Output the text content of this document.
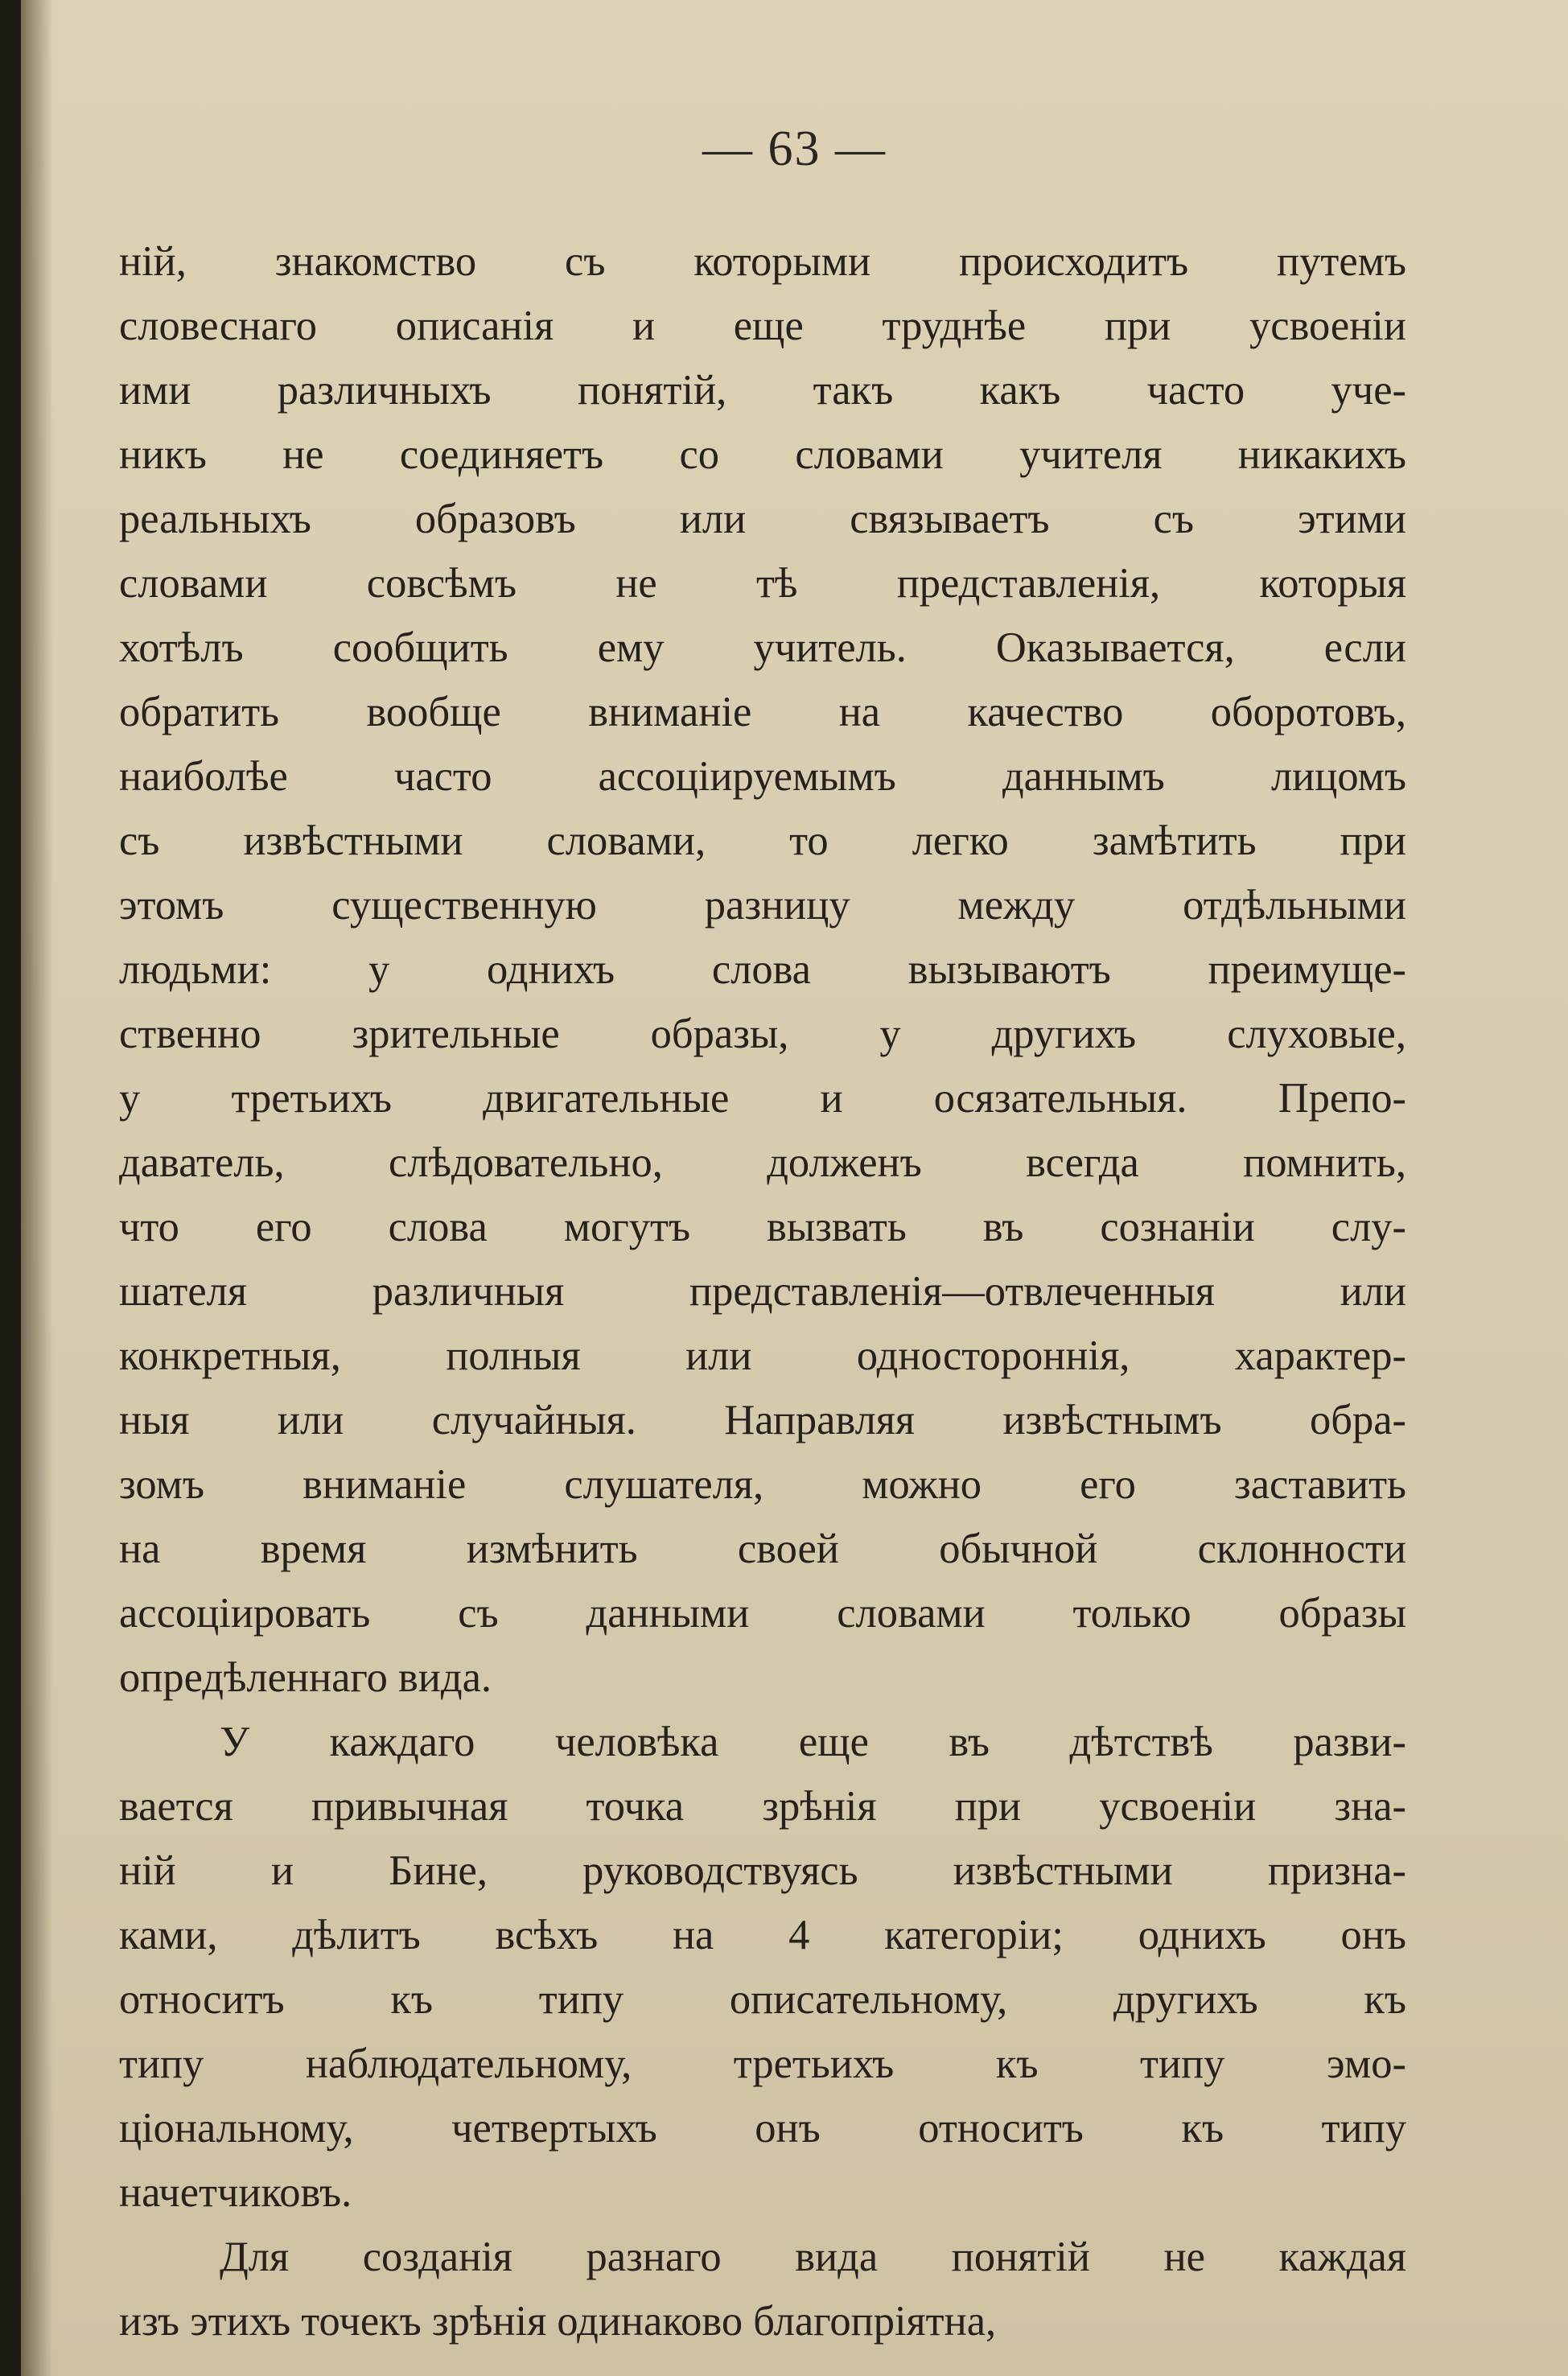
— 63 —
ній, знакомство съ которыми происходитъ путемъ
словеснаго описанія и еще труднѣе при усвоеніи
ими различныхъ понятій, такъ какъ часто уче-
никъ не соединяетъ со словами учителя никакихъ
реальныхъ образовъ или связываетъ съ этими
словами совсѣмъ не тѣ представленія, которыя
хотѣлъ сообщить ему учитель. Оказывается, если
обратить вообще вниманіе на качество оборотовъ,
наиболѣе часто ассоціируемымъ даннымъ лицомъ
съ извѣстными словами, то легко замѣтить при
этомъ существенную разницу между отдѣльными
людьми: у однихъ слова вызываютъ преимуще-
ственно зрительные образы, у другихъ слуховые,
у третьихъ двигательные и осязательныя. Препо-
даватель, слѣдовательно, долженъ всегда помнить,
что его слова могутъ вызвать въ сознаніи слу-
шателя различныя представленія—отвлеченныя или
конкретныя, полныя или одностороннія, характер-
ныя или случайныя. Направляя извѣстнымъ обра-
зомъ вниманіе слушателя, можно его заставить
на время измѣнить своей обычной склонности
ассоціировать съ данными словами только образы
опредѣленнаго вида.
У каждаго человѣка еще въ дѣтствѣ разви-
вается привычная точка зрѣнія при усвоеніи зна-
ній и Бине, руководствуясь извѣстными призна-
ками, дѣлитъ всѣхъ на 4 категоріи; однихъ онъ
относитъ къ типу описательному, другихъ къ
типу наблюдательному, третьихъ къ типу эмо-
ціональному, четвертыхъ онъ относитъ къ типу
начетчиковъ.
Для созданія разнаго вида понятій не каждая
изъ этихъ точекъ зрѣнія одинаково благопріятна,
